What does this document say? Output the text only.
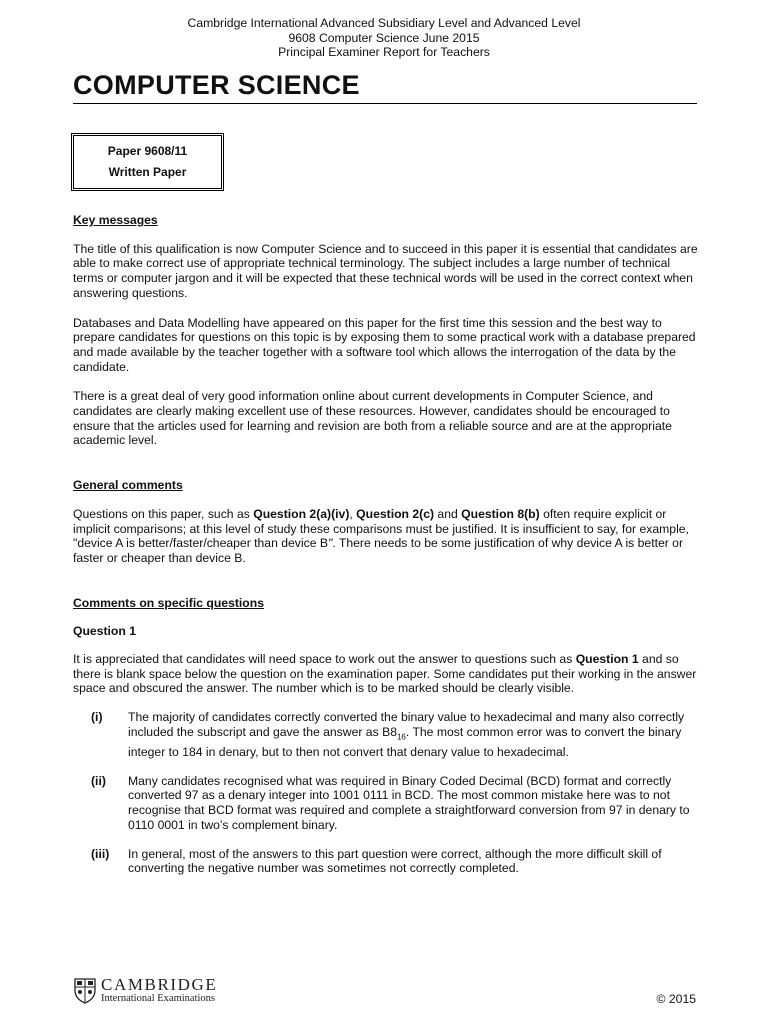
Cambridge International Advanced Subsidiary Level and Advanced Level
9608 Computer Science June 2015
Principal Examiner Report for Teachers
COMPUTER SCIENCE
Paper 9608/11
Written Paper

Key messages

The title of this qualification is now Computer Science and to succeed in this paper it is essential that candidates are able to make correct use of appropriate technical terminology. The subject includes a large number of technical terms or computer jargon and it will be expected that these technical words will be used in the correct context when answering questions.

Databases and Data Modelling have appeared on this paper for the first time this session and the best way to prepare candidates for questions on this topic is by exposing them to some practical work with a database prepared and made available by the teacher together with a software tool which allows the interrogation of the data by the candidate.

There is a great deal of very good information online about current developments in Computer Science, and candidates are clearly making excellent use of these resources. However, candidates should be encouraged to ensure that the articles used for learning and revision are both from a reliable source and are at the appropriate academic level.

General comments

Questions on this paper, such as Question 2(a)(iv), Question 2(c) and Question 8(b) often require explicit or implicit comparisons; at this level of study these comparisons must be justified. It is insufficient to say, for example, "device A is better/faster/cheaper than device B". There needs to be some justification of why device A is better or faster or cheaper than device B.

Comments on specific questions

Question 1

It is appreciated that candidates will need space to work out the answer to questions such as Question 1 and so there is blank space below the question on the examination paper. Some candidates put their working in the answer space and obscured the answer. The number which is to be marked should be clearly visible.

(i)	The majority of candidates correctly converted the binary value to hexadecimal and many also correctly included the subscript and gave the answer as $B8_{16}$. The most common error was to convert the binary integer to 184 in denary, but to then not convert that denary value to hexadecimal.
(ii)	Many candidates recognised what was required in Binary Coded Decimal (BCD) format and correctly converted 97 as a denary integer into 1001 0111 in BCD. The most common mistake here was to not recognise that BCD format was required and complete a straightforward conversion from 97 in denary to 0110 0001 in two’s complement binary.
(iii)	In general, most of the answers to this part question were correct, although the more difficult skill of converting the negative number was sometimes not correctly completed.
CAMBRIDGE
International Examinations	© 2015
